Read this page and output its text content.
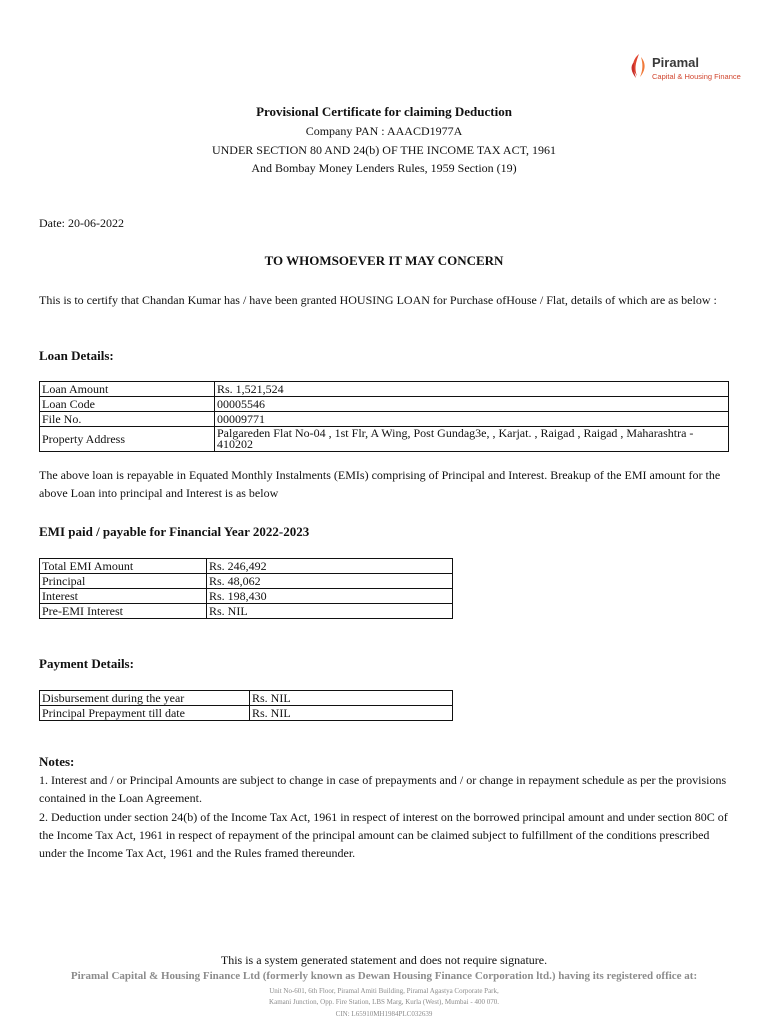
Piramal
Capital & Housing Finance
Provisional Certificate for claiming Deduction
Company PAN : AAACD1977A
UNDER SECTION 80 AND 24(b) OF THE INCOME TAX ACT, 1961
And Bombay Money Lenders Rules, 1959 Section (19)
Date: 20-06-2022
TO WHOMSOEVER IT MAY CONCERN
This is to certify that Chandan Kumar has / have been granted HOUSING LOAN for Purchase ofHouse / Flat, details of which are as below :
Loan Details:
Loan Amount	Rs. 1,521,524
Loan Code	00005546
File No.	00009771
Property Address	Palgareden Flat No-04 , 1st Flr, A Wing, Post Gundag3e, , Karjat. , Raigad , Raigad , Maharashtra - 410202
The above loan is repayable in Equated Monthly Instalments (EMIs) comprising of Principal and Interest. Breakup of the EMI amount for the above Loan into principal and Interest is as below
EMI paid / payable for Financial Year 2022-2023
Total EMI Amount	Rs. 246,492
Principal	Rs. 48,062
Interest	Rs. 198,430
Pre-EMI Interest	Rs. NIL
Payment Details:
Disbursement during the year	Rs. NIL
Principal Prepayment till date	Rs. NIL
Notes:
1. Interest and / or Principal Amounts are subject to change in case of prepayments and / or change in repayment schedule as per the provisions contained in the Loan Agreement.
2. Deduction under section 24(b) of the Income Tax Act, 1961 in respect of interest on the borrowed principal amount and under section 80C of the Income Tax Act, 1961 in respect of repayment of the principal amount can be claimed subject to fulfillment of the conditions prescribed under the Income Tax Act, 1961 and the Rules framed thereunder.
This is a system generated statement and does not require signature.
Piramal Capital & Housing Finance Ltd (formerly known as Dewan Housing Finance Corporation ltd.) having its registered office at:
Unit No-601, 6th Floor, Piramal Amiti Building, Piramal Agastya Corporate Park,
Kamani Junction, Opp. Fire Station, LBS Marg, Kurla (West), Mumbai - 400 070.
CIN: L65910MH1984PLC032639
